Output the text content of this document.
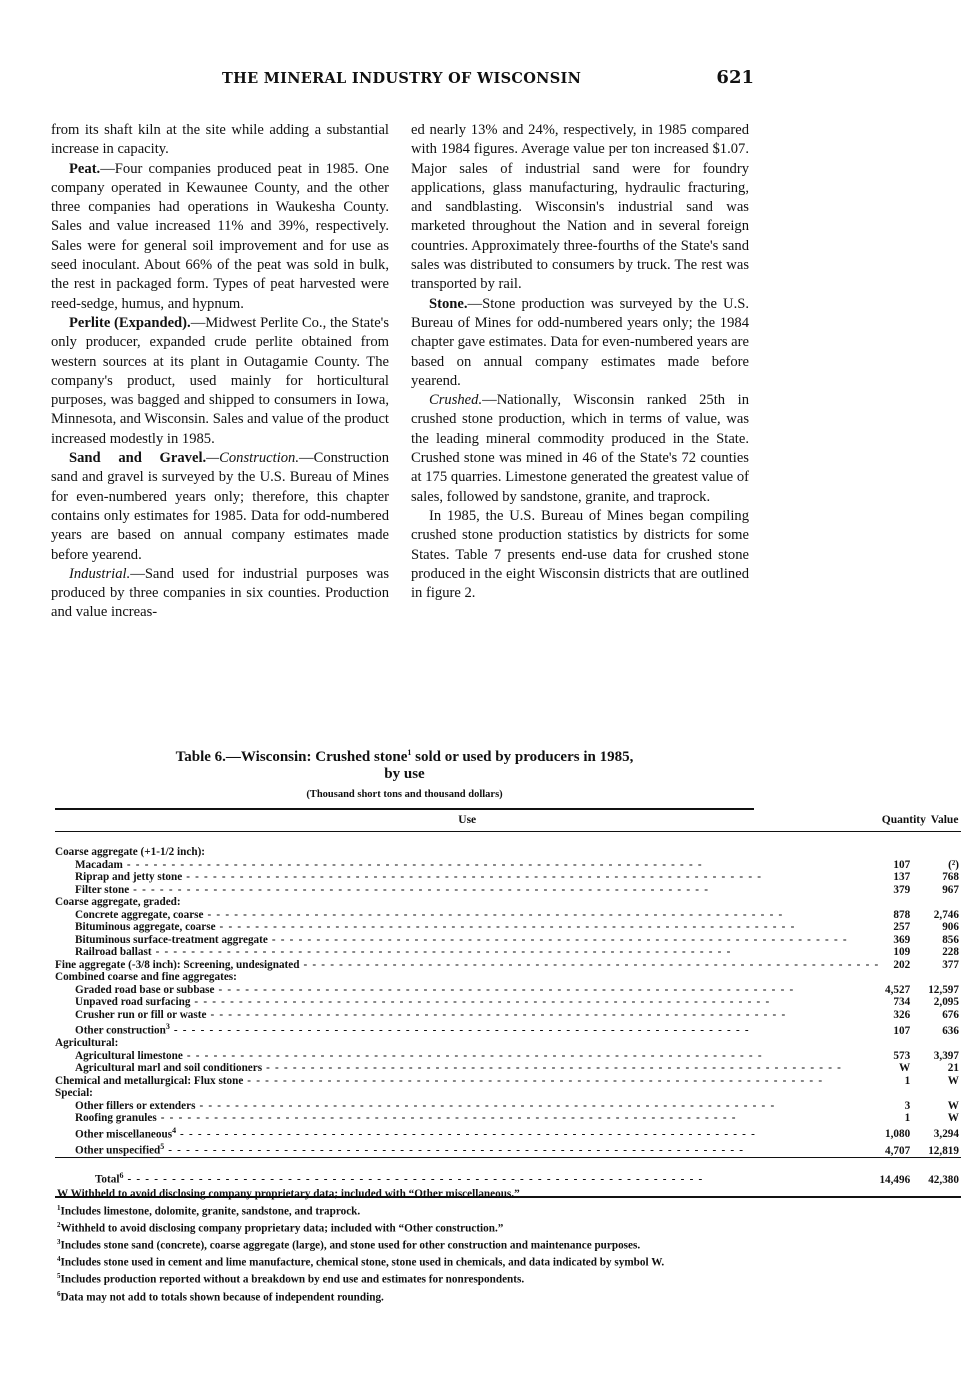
THE MINERAL INDUSTRY OF WISCONSIN	621

from its shaft kiln at the site while adding a substantial increase in capacity.

Peat.—Four companies produced peat in 1985. One company operated in Kewaunee County, and the other three companies had operations in Waukesha County. Sales and value increased 11% and 39%, respectively. Sales were for general soil improvement and for use as seed inoculant. About 66% of the peat was sold in bulk, the rest in packaged form. Types of peat harvested were reed-sedge, humus, and hypnum.

Perlite (Expanded).—Midwest Perlite Co., the State's only producer, expanded crude perlite obtained from western sources at its plant in Outagamie County. The company's product, used mainly for horticultural purposes, was bagged and shipped to consumers in Iowa, Minnesota, and Wisconsin. Sales and value of the product increased modestly in 1985.

Sand and Gravel.—Construction.—Construction sand and gravel is surveyed by the U.S. Bureau of Mines for even-numbered years only; therefore, this chapter contains only estimates for 1985. Data for odd-numbered years are based on annual company estimates made before yearend.

Industrial.—Sand used for industrial purposes was produced by three companies in six counties. Production and value increas-

ed nearly 13% and 24%, respectively, in 1985 compared with 1984 figures. Average value per ton increased $1.07. Major sales of industrial sand were for foundry applications, glass manufacturing, hydraulic fracturing, and sandblasting. Wisconsin's industrial sand was marketed throughout the Nation and in several foreign countries. Approximately three-fourths of the State's sand sales was distributed to consumers by truck. The rest was transported by rail.

Stone.—Stone production was surveyed by the U.S. Bureau of Mines for odd-numbered years only; the 1984 chapter gave estimates. Data for even-numbered years are based on annual company estimates made before yearend.

Crushed.—Nationally, Wisconsin ranked 25th in crushed stone production, which in terms of value, was the leading mineral commodity produced in the State. Crushed stone was mined in 46 of the State's 72 counties at 175 quarries. Limestone generated the greatest value of sales, followed by sandstone, granite, and traprock.

In 1985, the U.S. Bureau of Mines began compiling crushed stone production statistics by districts for some States. Table 7 presents end-use data for crushed stone produced in the eight Wisconsin districts that are outlined in figure 2.

Table 6.—Wisconsin: Crushed stone$^1$ sold or used by producers in 1985,
by use
(Thousand short tons and thousand dollars)
Use	Quantity	Value

Coarse aggregate (+1-1/2 inch):		
Macadam - - - - - - - - - - - - - - - - - - - - - - - - - - - - - - - - - - - - - - - - - - - - - - - - - - - - - - - - - - - - - - - - -	107	(²)
Riprap and jetty stone - - - - - - - - - - - - - - - - - - - - - - - - - - - - - - - - - - - - - - - - - - - - - - - - - - - - - - - - - - - - - - - - -	137	768
Filter stone - - - - - - - - - - - - - - - - - - - - - - - - - - - - - - - - - - - - - - - - - - - - - - - - - - - - - - - - - - - - - - - - -	379	967
Coarse aggregate, graded:		
Concrete aggregate, coarse - - - - - - - - - - - - - - - - - - - - - - - - - - - - - - - - - - - - - - - - - - - - - - - - - - - - - - - - - - - - - - - - -	878	2,746
Bituminous aggregate, coarse - - - - - - - - - - - - - - - - - - - - - - - - - - - - - - - - - - - - - - - - - - - - - - - - - - - - - - - - - - - - - - - - -	257	906
Bituminous surface-treatment aggregate - - - - - - - - - - - - - - - - - - - - - - - - - - - - - - - - - - - - - - - - - - - - - - - - - - - - - - - - - - - - - - - - -	369	856
Railroad ballast - - - - - - - - - - - - - - - - - - - - - - - - - - - - - - - - - - - - - - - - - - - - - - - - - - - - - - - - - - - - - - - - -	109	228
Fine aggregate (-3/8 inch): Screening, undesignated - - - - - - - - - - - - - - - - - - - - - - - - - - - - - - - - - - - - - - - - - - - - - - - - - - - - - - - - - - - - - - - - -	202	377
Combined coarse and fine aggregates:		
Graded road base or subbase - - - - - - - - - - - - - - - - - - - - - - - - - - - - - - - - - - - - - - - - - - - - - - - - - - - - - - - - - - - - - - - - -	4,527	12,597
Unpaved road surfacing - - - - - - - - - - - - - - - - - - - - - - - - - - - - - - - - - - - - - - - - - - - - - - - - - - - - - - - - - - - - - - - - -	734	2,095
Crusher run or fill or waste - - - - - - - - - - - - - - - - - - - - - - - - - - - - - - - - - - - - - - - - - - - - - - - - - - - - - - - - - - - - - - - - -	326	676
Other construction$^3$ - - - - - - - - - - - - - - - - - - - - - - - - - - - - - - - - - - - - - - - - - - - - - - - - - - - - - - - - - - - - - - - - -	107	636
Agricultural:		
Agricultural limestone - - - - - - - - - - - - - - - - - - - - - - - - - - - - - - - - - - - - - - - - - - - - - - - - - - - - - - - - - - - - - - - - -	573	3,397
Agricultural marl and soil conditioners - - - - - - - - - - - - - - - - - - - - - - - - - - - - - - - - - - - - - - - - - - - - - - - - - - - - - - - - - - - - - - - - -	W	21
Chemical and metallurgical: Flux stone - - - - - - - - - - - - - - - - - - - - - - - - - - - - - - - - - - - - - - - - - - - - - - - - - - - - - - - - - - - - - - - - -	1	W
Special:		
Other fillers or extenders - - - - - - - - - - - - - - - - - - - - - - - - - - - - - - - - - - - - - - - - - - - - - - - - - - - - - - - - - - - - - - - - -	3	W
Roofing granules - - - - - - - - - - - - - - - - - - - - - - - - - - - - - - - - - - - - - - - - - - - - - - - - - - - - - - - - - - - - - - - - -	1	W
Other miscellaneous$^4$ - - - - - - - - - - - - - - - - - - - - - - - - - - - - - - - - - - - - - - - - - - - - - - - - - - - - - - - - - - - - - - - - -	1,080	3,294
Other unspecified$^5$ - - - - - - - - - - - - - - - - - - - - - - - - - - - - - - - - - - - - - - - - - - - - - - - - - - - - - - - - - - - - - - - - -	4,707	12,819
Total$^6$ - - - - - - - - - - - - - - - - - - - - - - - - - - - - - - - - - - - - - - - - - - - - - - - - - - - - - - - - - - - - - - - - -	14,496	42,380

W Withheld to avoid disclosing company proprietary data; included with “Other miscellaneous.”

$^1$Includes limestone, dolomite, granite, sandstone, and traprock.

$^2$Withheld to avoid disclosing company proprietary data; included with “Other construction.”

$^3$Includes stone sand (concrete), coarse aggregate (large), and stone used for other construction and maintenance purposes.

$^4$Includes stone used in cement and lime manufacture, chemical stone, stone used in chemicals, and data indicated by symbol W.

$^5$Includes production reported without a breakdown by end use and estimates for nonrespondents.

$^6$Data may not add to totals shown because of independent rounding.
